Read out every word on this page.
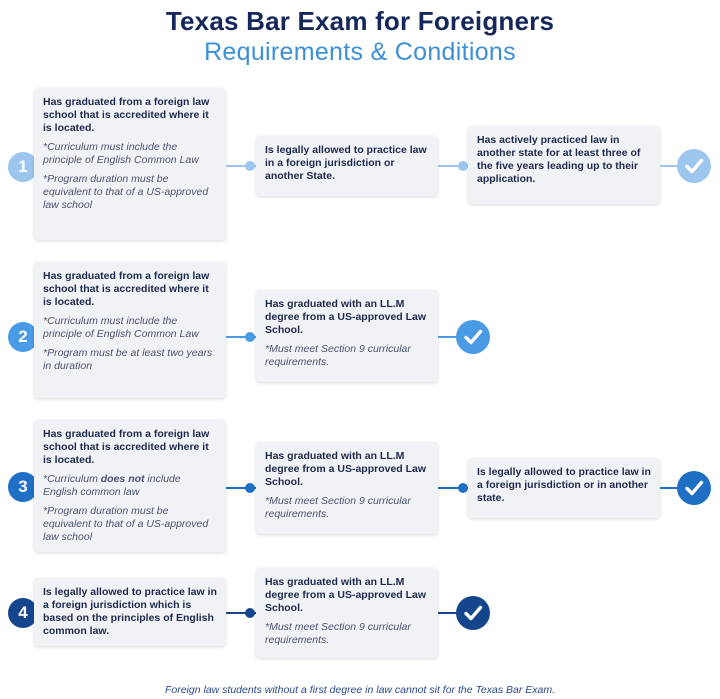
Texas Bar Exam for Foreigners
Requirements & Conditions
1
Has graduated from a foreign law school that is accredited where it is located.
*Curriculum must include the principle of English Common Law
*Program duration must be equivalent to that of a US-approved law school
Is legally allowed to practice law in a foreign jurisdiction or another State.
Has actively practiced law in another state for at least three of the five years leading up to their application.
2
Has graduated from a foreign law school that is accredited where it is located.
*Curriculum must include the principle of English Common Law
*Program must be at least two years in duration
Has graduated with an LL.M degree from a US-approved Law School.
*Must meet Section 9 curricular requirements.
3
Has graduated from a foreign law school that is accredited where it is located.
*Curriculum does not include English common law
*Program duration must be equivalent to that of a US-approved law school
Has graduated with an LL.M degree from a US-approved Law School.
*Must meet Section 9 curricular requirements.
Is legally allowed to practice law in a foreign jurisdiction or in another state.
4
Is legally allowed to practice law in a foreign jurisdiction which is based on the principles of English common law.
Has graduated with an LL.M degree from a US-approved Law School.
*Must meet Section 9 curricular requirements.
Foreign law students without a first degree in law cannot sit for the Texas Bar Exam.
